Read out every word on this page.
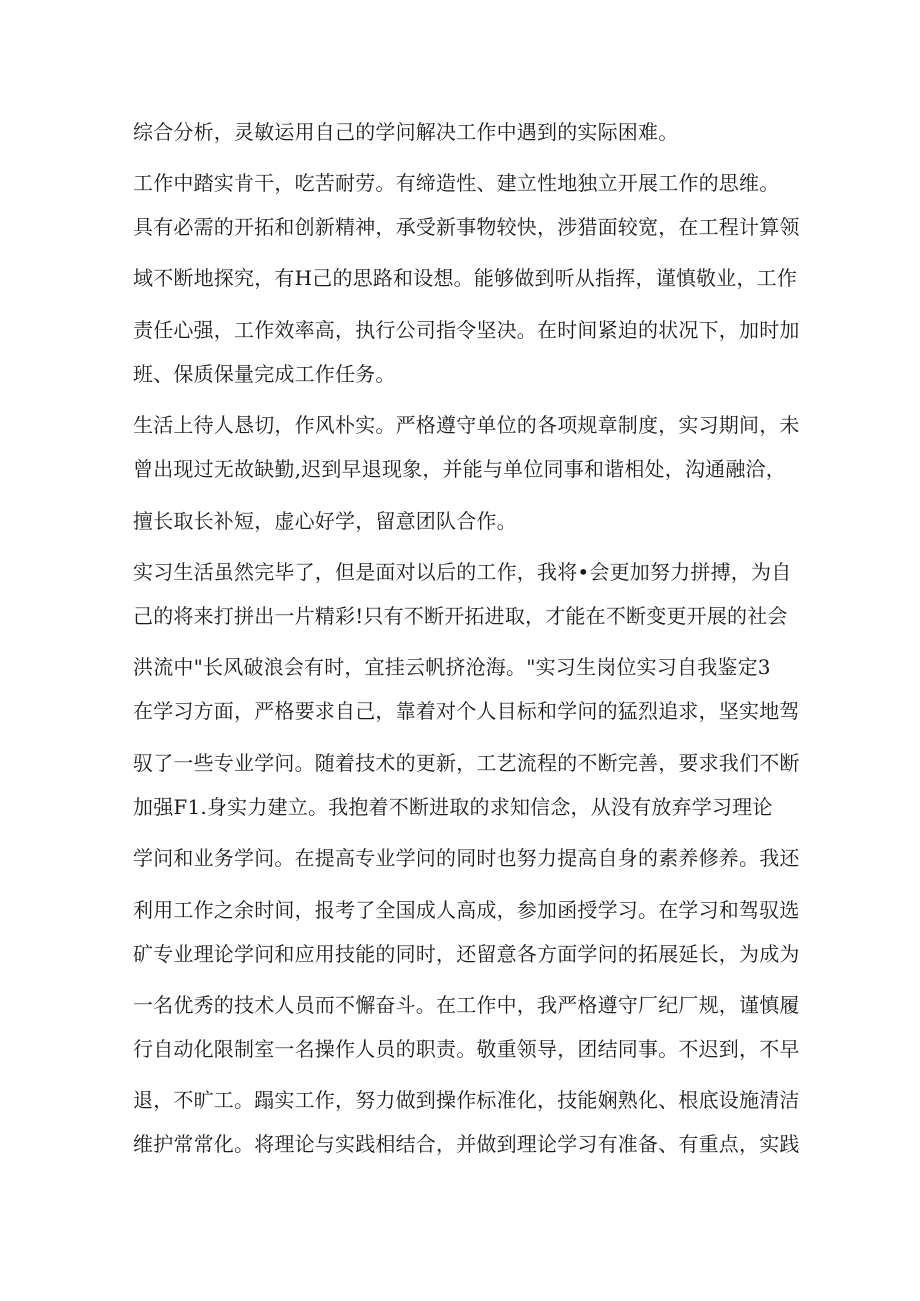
综合分析，灵敏运用自己的学问解决工作中遇到的实际困难。
工作中踏实肯干，吃苦耐劳。有缔造性、建立性地独立开展工作的思维。
具有必需的开拓和创新精神，承受新事物较快，涉猎面较宽，在工程计算领
域不断地探究，有H己的思路和设想。能够做到听从指挥，谨慎敬业，工作
责任心强，工作效率高，执行公司指令坚决。在时间紧迫的状况下，加时加
班、保质保量完成工作任务。
生活上待人恳切，作风朴实。严格遵守单位的各项规章制度，实习期间，未
曾出现过无故缺勤,迟到早退现象，并能与单位同事和谐相处，沟通融洽，
擅长取长补短，虚心好学，留意团队合作。
实习生活虽然完毕了，但是面对以后的工作，我将•会更加努力拼搏，为自
己的将来打拼出一片精彩!只有不断开拓进取，才能在不断变更开展的社会
洪流中"长风破浪会有时，宜挂云帆挤沧海。"实习生岗位实习自我鉴定3
在学习方面，严格要求自己，靠着对个人目标和学问的猛烈追求，坚实地驾
驭了一些专业学问。随着技术的更新，工艺流程的不断完善，要求我们不断
加强F1.身实力建立。我抱着不断进取的求知信念，从没有放弃学习理论
学问和业务学问。在提高专业学问的同时也努力提高自身的素养修养。我还
利用工作之余时间，报考了全国成人高成，参加函授学习。在学习和驾驭选
矿专业理论学问和应用技能的同时，还留意各方面学问的拓展延长，为成为
一名优秀的技术人员而不懈奋斗。在工作中，我严格遵守厂纪厂规，谨慎履
行自动化限制室一名操作人员的职责。敬重领导，团结同事。不迟到，不早
退，不旷工。蹋实工作，努力做到操作标准化，技能娴熟化、根底设施清洁
维护常常化。将理论与实践相结合，并做到理论学习有准备、有重点，实践
